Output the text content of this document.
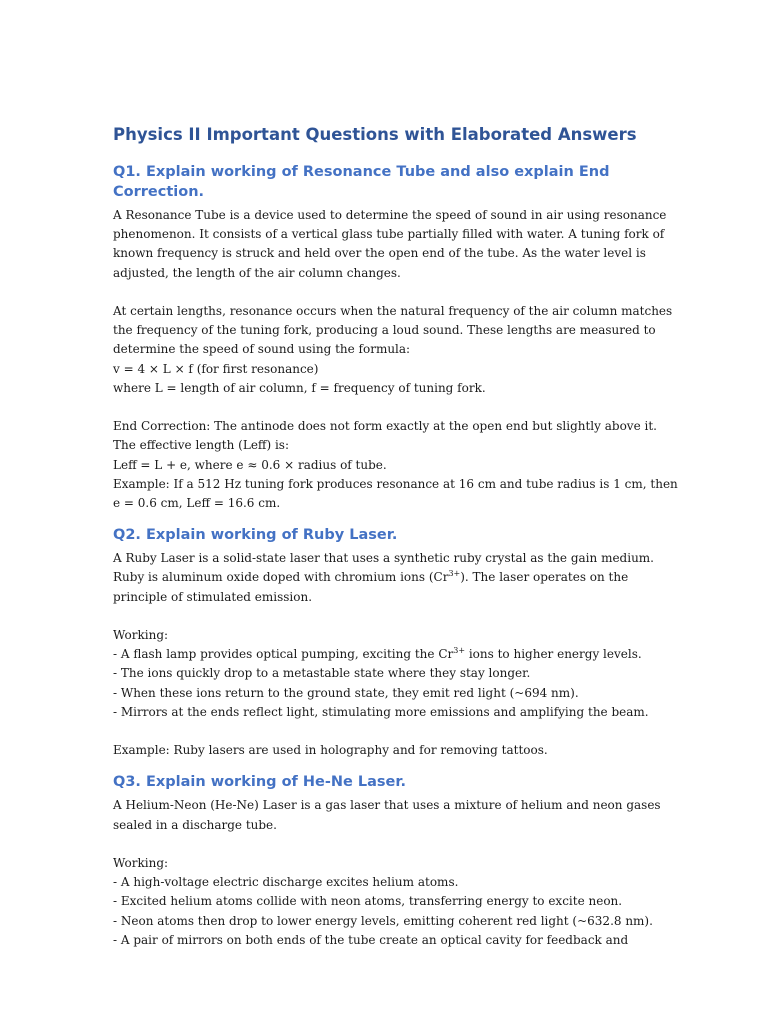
Physics II Important Questions with Elaborated Answers
Q1. Explain working of Resonance Tube and also explain End Correction.
A Resonance Tube is a device used to determine the speed of sound in air using resonance
phenomenon. It consists of a vertical glass tube partially filled with water. A tuning fork of
known frequency is struck and held over the open end of the tube. As the water level is
adjusted, the length of the air column changes.
At certain lengths, resonance occurs when the natural frequency of the air column matches
the frequency of the tuning fork, producing a loud sound. These lengths are measured to
determine the speed of sound using the formula:
v = 4 × L × f (for first resonance)
where L = length of air column, f = frequency of tuning fork.
End Correction: The antinode does not form exactly at the open end but slightly above it.
The effective length (Leff) is:
Leff = L + e, where e ≈ 0.6 × radius of tube.
Example: If a 512 Hz tuning fork produces resonance at 16 cm and tube radius is 1 cm, then
e = 0.6 cm, Leff = 16.6 cm.
Q2. Explain working of Ruby Laser.
A Ruby Laser is a solid-state laser that uses a synthetic ruby crystal as the gain medium.
Ruby is aluminum oxide doped with chromium ions $(Cr^{3+})$. The laser operates on the
principle of stimulated emission.
Working:
- A flash lamp provides optical pumping, exciting the $Cr^{3+}$ ions to higher energy levels.
- The ions quickly drop to a metastable state where they stay longer.
- When these ions return to the ground state, they emit red light (~694 nm).
- Mirrors at the ends reflect light, stimulating more emissions and amplifying the beam.
Example: Ruby lasers are used in holography and for removing tattoos.
Q3. Explain working of He-Ne Laser.
A Helium-Neon (He-Ne) Laser is a gas laser that uses a mixture of helium and neon gases
sealed in a discharge tube.
Working:
- A high-voltage electric discharge excites helium atoms.
- Excited helium atoms collide with neon atoms, transferring energy to excite neon.
- Neon atoms then drop to lower energy levels, emitting coherent red light (~632.8 nm).
- A pair of mirrors on both ends of the tube create an optical cavity for feedback and
